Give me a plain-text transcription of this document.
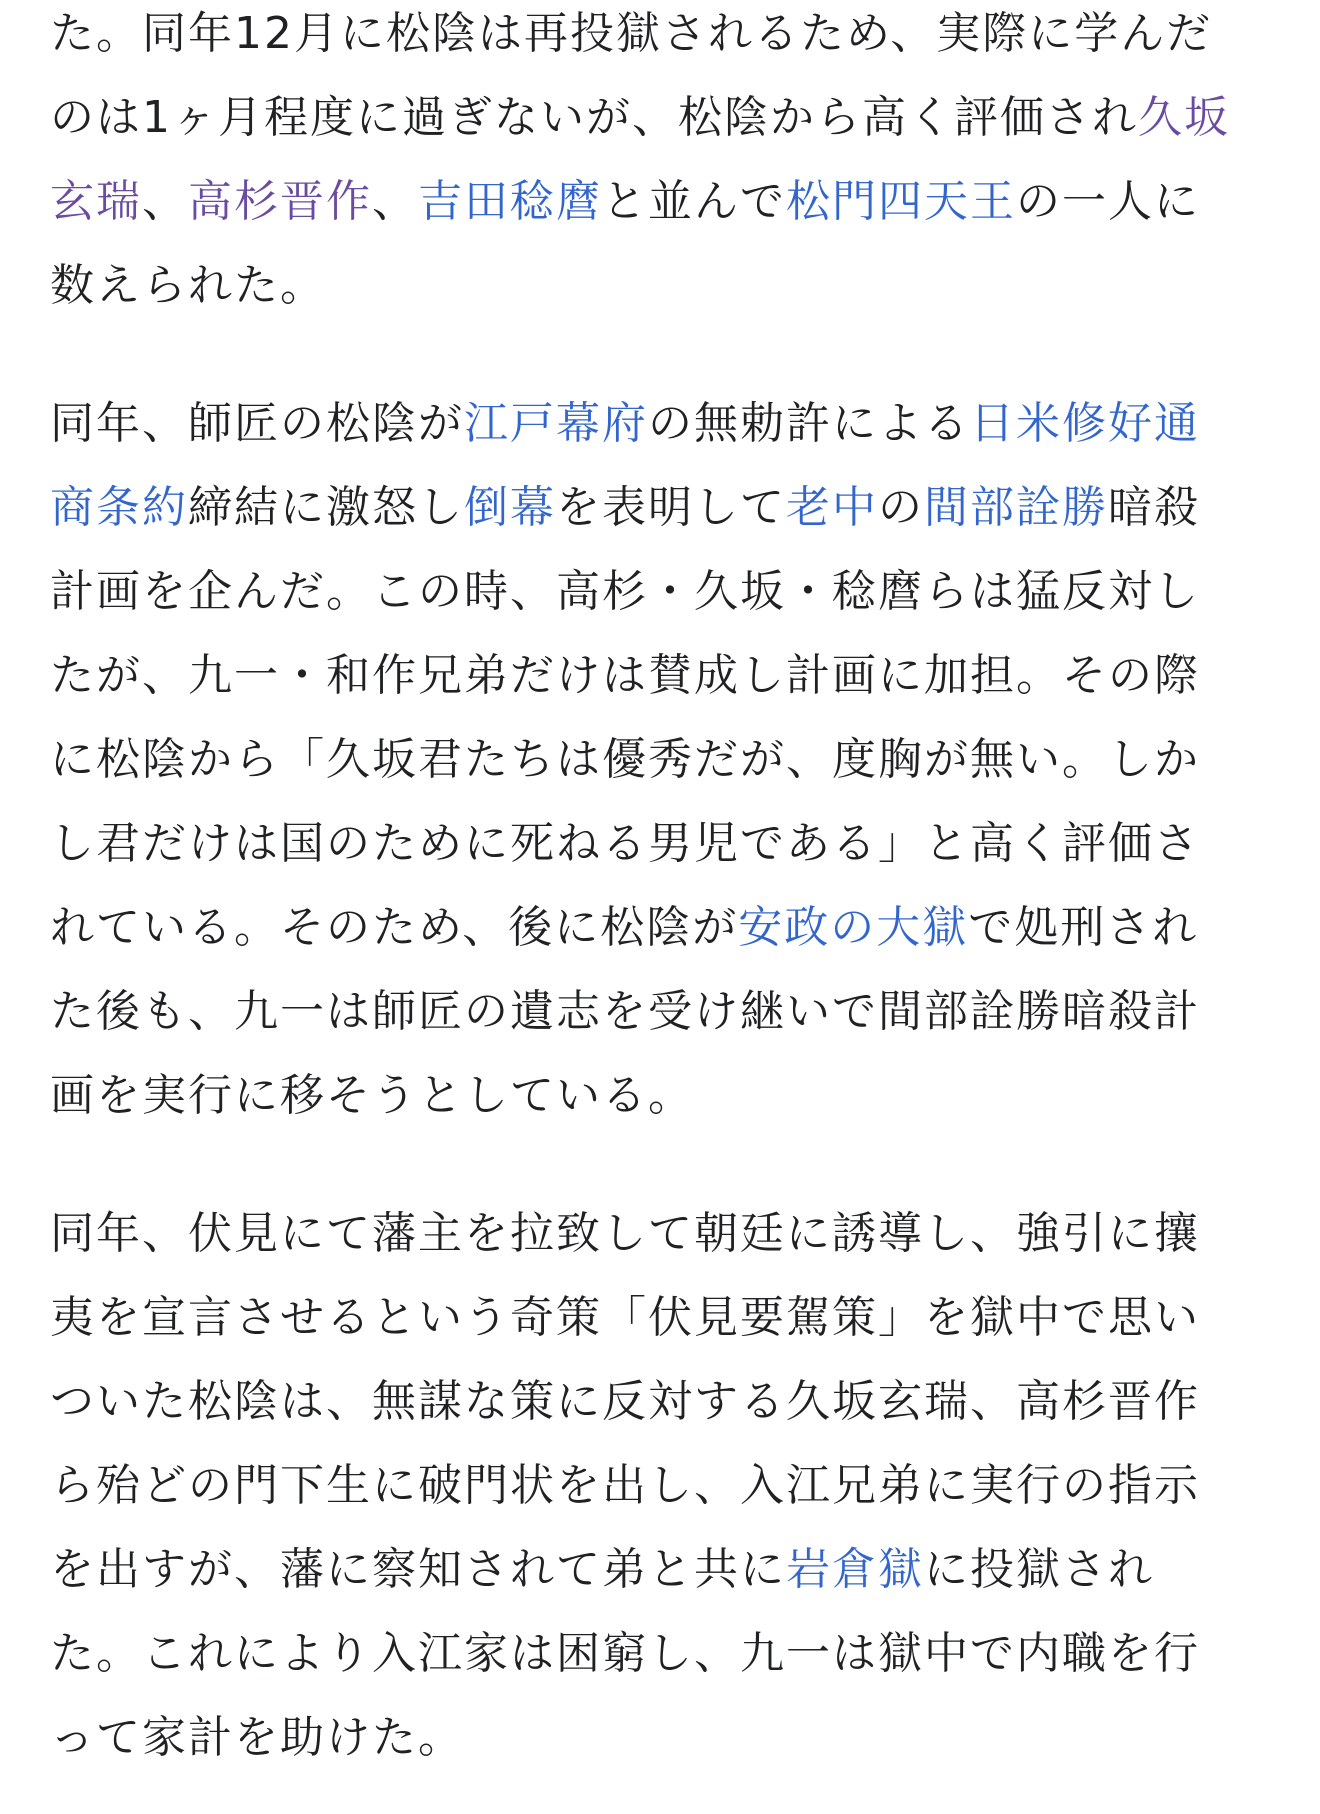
た。同年12月に松陰は再投獄されるため、実際に学んだ
のは1ヶ月程度に過ぎないが、松陰から高く評価され久坂
玄瑞、高杉晋作、吉田稔麿と並んで松門四天王の一人に
数えられた。

同年、師匠の松陰が江戸幕府の無勅許による日米修好通
商条約締結に激怒し倒幕を表明して老中の間部詮勝暗殺
計画を企んだ。この時、高杉・久坂・稔麿らは猛反対し
たが、九一・和作兄弟だけは賛成し計画に加担。その際
に松陰から「久坂君たちは優秀だが、度胸が無い。しか
し君だけは国のために死ねる男児である」と高く評価さ
れている。そのため、後に松陰が安政の大獄で処刑され
た後も、九一は師匠の遺志を受け継いで間部詮勝暗殺計
画を実行に移そうとしている。

同年、伏見にて藩主を拉致して朝廷に誘導し、強引に攘
夷を宣言させるという奇策「伏見要駕策」を獄中で思い
ついた松陰は、無謀な策に反対する久坂玄瑞、高杉晋作
ら殆どの門下生に破門状を出し、入江兄弟に実行の指示
を出すが、藩に察知されて弟と共に岩倉獄に投獄され
た。これにより入江家は困窮し、九一は獄中で内職を行
って家計を助けた。
